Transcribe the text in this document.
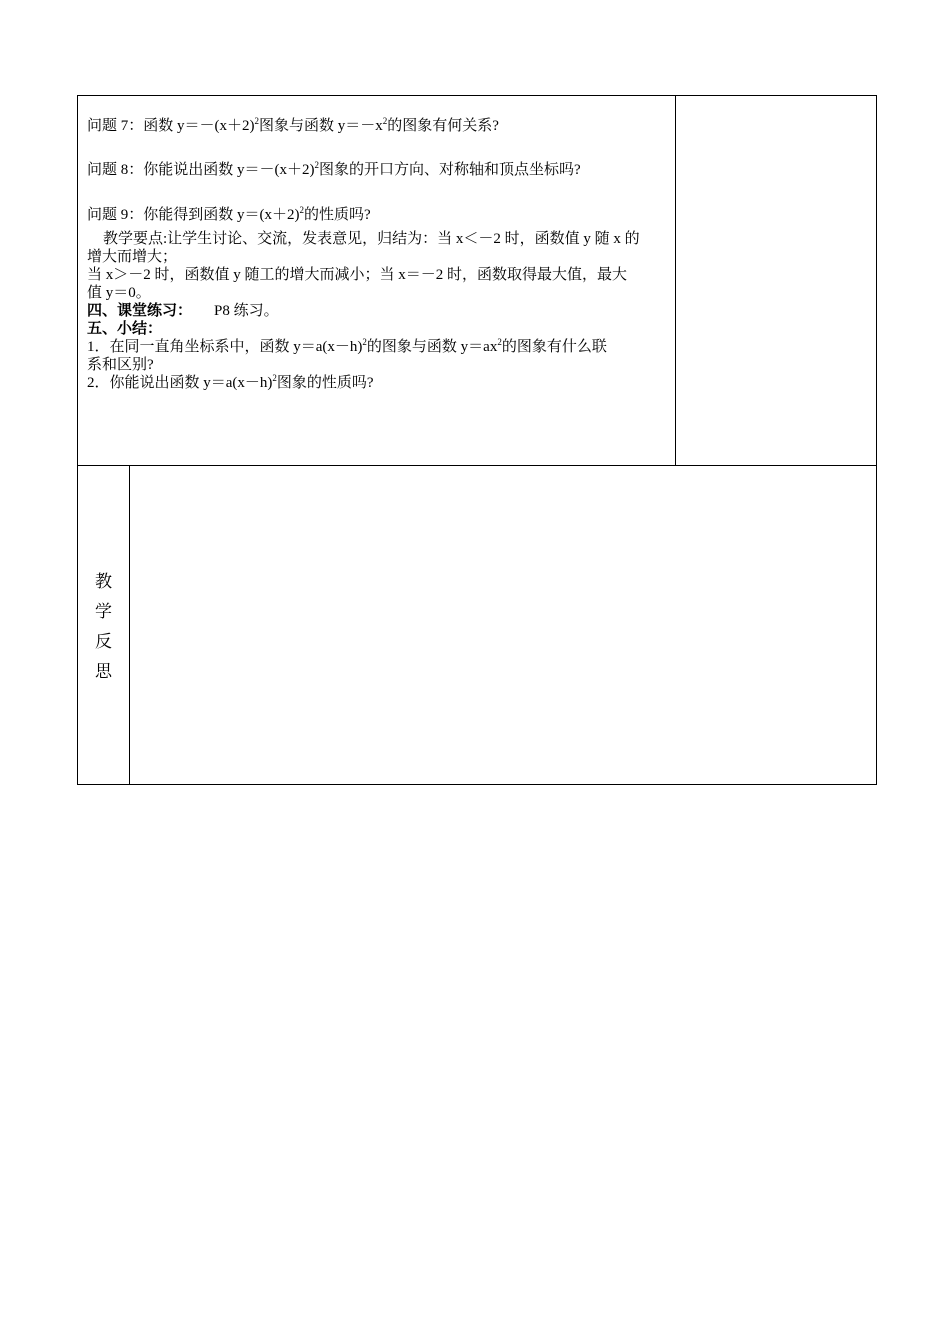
问题 7：函数 $y=-(x+2)^2$图象与函数 $y=-x^2$的图象有何关系?
问题 8：你能说出函数 $y=-(x+2)^2$图象的开口方向、对称轴和顶点坐标吗?
问题 9：你能得到函数 $y=(x+2)^2$的性质吗?
教学要点:让学生讨论、交流，发表意见，归结为：当 x＜－2 时，函数值 y 随 x 的
增大而增大；
当 x＞－2 时，函数值 y 随工的增大而减小；当 x＝－2 时，函数取得最大值，最大
值 y＝0。
四、课堂练习： P8 练习。
五、小结：
1．在同一直角坐标系中，函数 $y=a(x-h)^2$的图象与函数 $y=ax^2$的图象有什么联
系和区别?
2．你能说出函数 $y=a(x-h)^2$图象的性质吗?
教
学
反
思
